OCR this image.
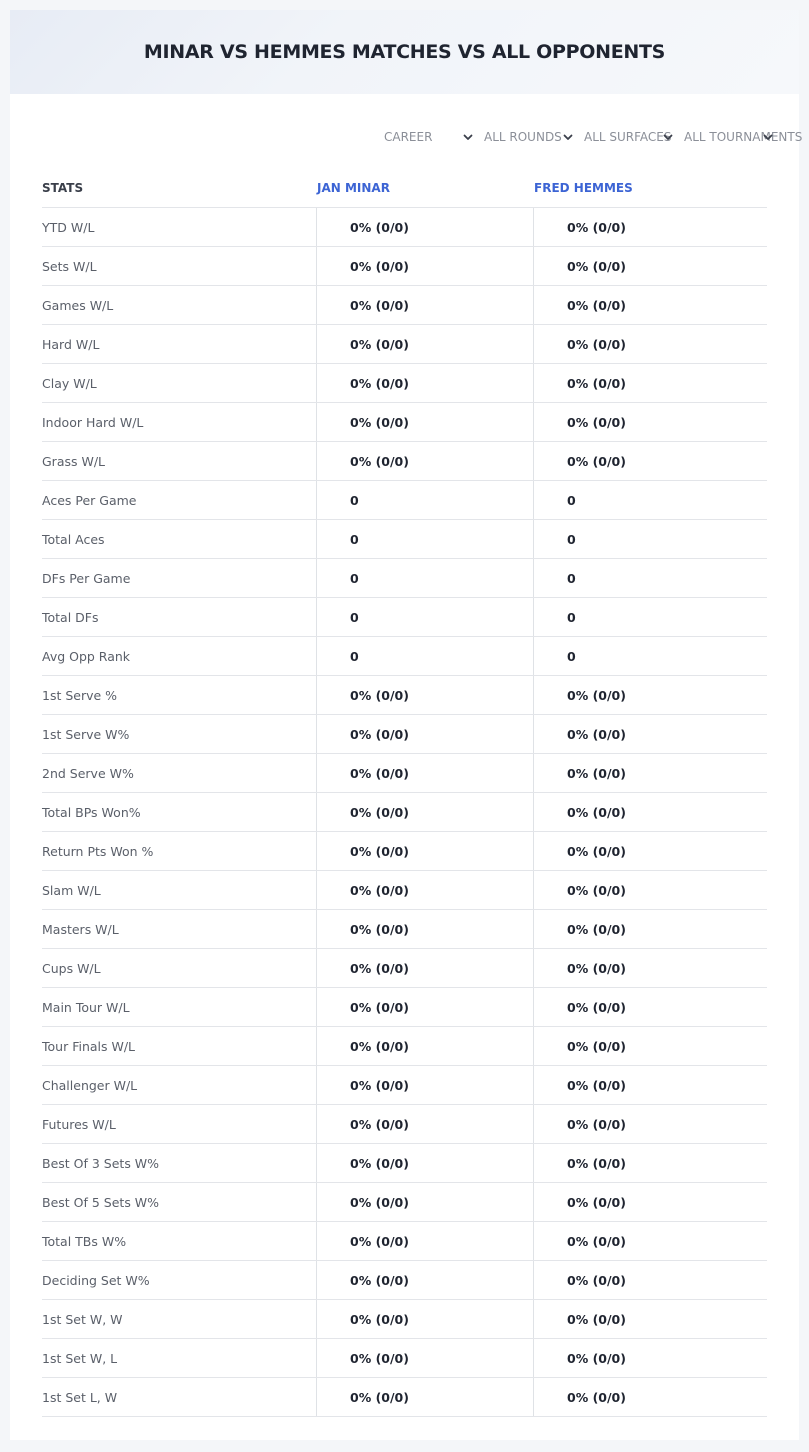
MINAR VS HEMMES MATCHES VS ALL OPPONENTS
CAREER	ALL ROUNDS ALL SURFACES ALL TOURNAMENTS
STATS	JAN MINAR	FRED HEMMES
YTD W/L	0% (0/0)	0% (0/0)
Sets W/L	0% (0/0)	0% (0/0)
Games W/L	0% (0/0)	0% (0/0)
Hard W/L	0% (0/0)	0% (0/0)
Clay W/L	0% (0/0)	0% (0/0)
Indoor Hard W/L	0% (0/0)	0% (0/0)
Grass W/L	0% (0/0)	0% (0/0)
Aces Per Game	0	0
Total Aces	0	0
DFs Per Game	0	0
Total DFs	0	0
Avg Opp Rank	0	0
1st Serve %	0% (0/0)	0% (0/0)
1st Serve W%	0% (0/0)	0% (0/0)
2nd Serve W%	0% (0/0)	0% (0/0)
Total BPs Won%	0% (0/0)	0% (0/0)
Return Pts Won %	0% (0/0)	0% (0/0)
Slam W/L	0% (0/0)	0% (0/0)
Masters W/L	0% (0/0)	0% (0/0)
Cups W/L	0% (0/0)	0% (0/0)
Main Tour W/L	0% (0/0)	0% (0/0)
Tour Finals W/L	0% (0/0)	0% (0/0)
Challenger W/L	0% (0/0)	0% (0/0)
Futures W/L	0% (0/0)	0% (0/0)
Best Of 3 Sets W%	0% (0/0)	0% (0/0)
Best Of 5 Sets W%	0% (0/0)	0% (0/0)
Total TBs W%	0% (0/0)	0% (0/0)
Deciding Set W%	0% (0/0)	0% (0/0)
1st Set W, W	0% (0/0)	0% (0/0)
1st Set W, L	0% (0/0)	0% (0/0)
1st Set L, W	0% (0/0)	0% (0/0)
